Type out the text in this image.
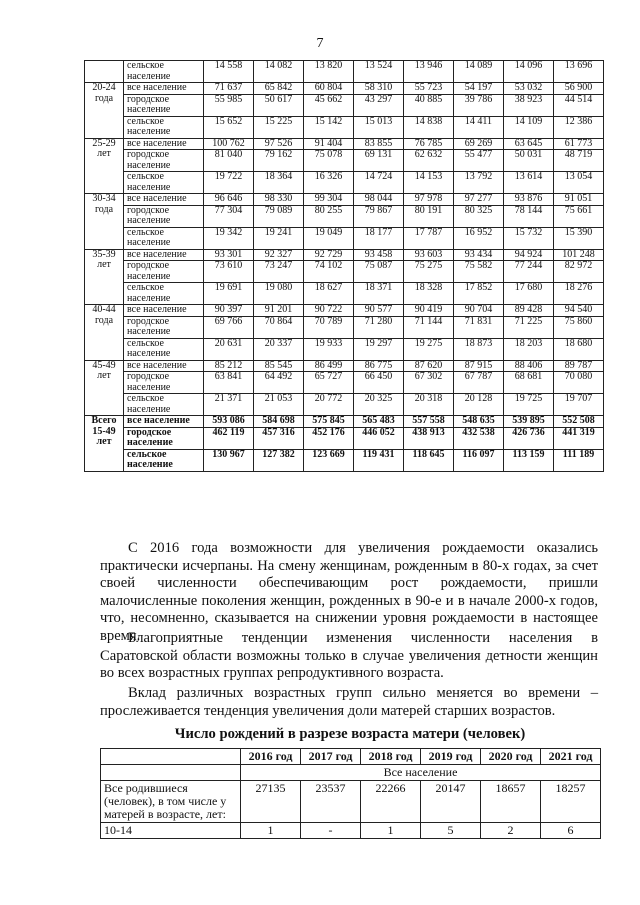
7
	сельское население	14 558	14 082	13 820	13 524	13 946	14 089	14 096	13 696
20-24 года	все население	71 637	65 842	60 804	58 310	55 723	54 197	53 032	56 900
	городское население	55 985	50 617	45 662	43 297	40 885	39 786	38 923	44 514
	сельское население	15 652	15 225	15 142	15 013	14 838	14 411	14 109	12 386
25-29 лет	все население	100 762	97 526	91 404	83 855	76 785	69 269	63 645	61 773
	городское население	81 040	79 162	75 078	69 131	62 632	55 477	50 031	48 719
	сельское население	19 722	18 364	16 326	14 724	14 153	13 792	13 614	13 054
30-34 года	все население	96 646	98 330	99 304	98 044	97 978	97 277	93 876	91 051
	городское население	77 304	79 089	80 255	79 867	80 191	80 325	78 144	75 661
	сельское население	19 342	19 241	19 049	18 177	17 787	16 952	15 732	15 390
35-39 лет	все население	93 301	92 327	92 729	93 458	93 603	93 434	94 924	101 248
	городское население	73 610	73 247	74 102	75 087	75 275	75 582	77 244	82 972
	сельское население	19 691	19 080	18 627	18 371	18 328	17 852	17 680	18 276
40-44 года	все население	90 397	91 201	90 722	90 577	90 419	90 704	89 428	94 540
	городское население	69 766	70 864	70 789	71 280	71 144	71 831	71 225	75 860
	сельское население	20 631	20 337	19 933	19 297	19 275	18 873	18 203	18 680
45-49 лет	все население	85 212	85 545	86 499	86 775	87 620	87 915	88 406	89 787
	городское население	63 841	64 492	65 727	66 450	67 302	67 787	68 681	70 080
	сельское население	21 371	21 053	20 772	20 325	20 318	20 128	19 725	19 707
Всего 15-49 лет	все население	593 086	584 698	575 845	565 483	557 558	548 635	539 895	552 508
	городское население	462 119	457 316	452 176	446 052	438 913	432 538	426 736	441 319
	сельское население	130 967	127 382	123 669	119 431	118 645	116 097	113 159	111 189

С 2016 года возможности для увеличения рождаемости оказались практически исчерпаны. На смену женщинам, рожденным в 80-х годах, за счет своей численности обеспечивающим рост рождаемости, пришли малочисленные поколения женщин, рожденных в 90-е и в начале 2000-х годов, что, несомненно, сказывается на снижении уровня рождаемости в настоящее время.

Благоприятные тенденции изменения численности населения в Саратовской области возможны только в случае увеличения детности женщин во всех возрастных группах репродуктивного возраста.

Вклад различных возрастных групп сильно меняется во времени – прослеживается тенденция увеличения доли матерей старших возрастов.

Число рождений в разрезе возраста матери (человек)
	2016 год	2017 год	2018 год	2019 год	2020 год	2021 год
	Все население					
Все родившиеся (человек), в том числе у матерей в возрасте, лет:	27135	23537	22266	20147	18657	18257
10-14	1	-	1	5	2	6
